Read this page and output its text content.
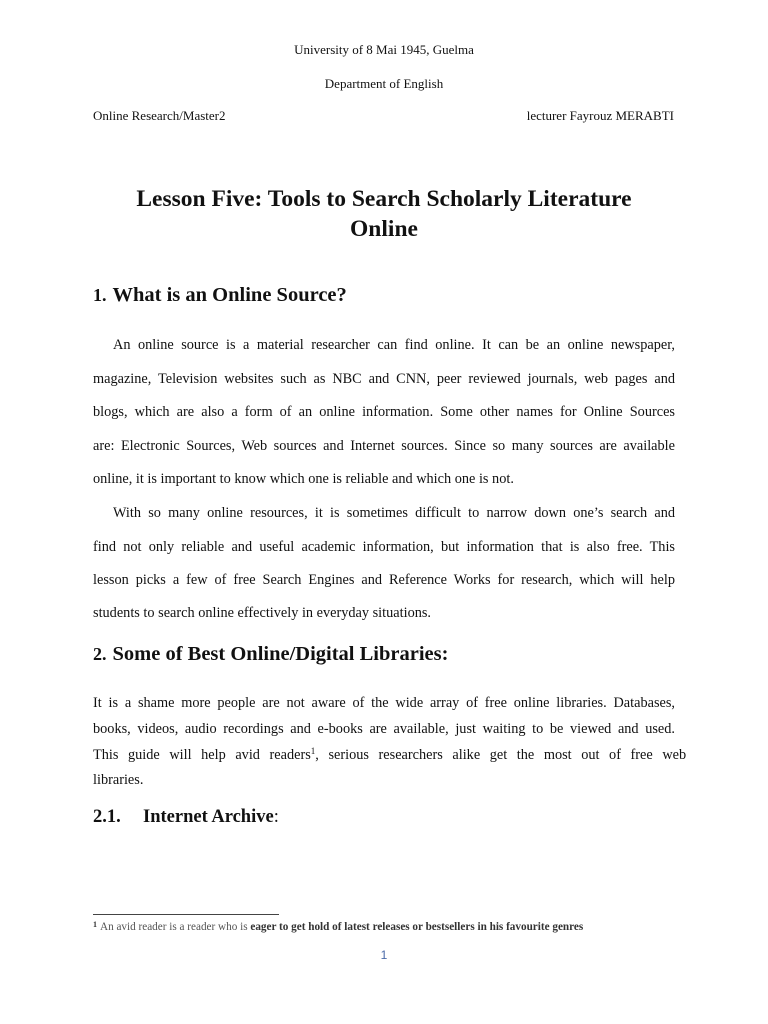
University of 8 Mai 1945, Guelma
Department of English
Online Research/Master2	lecturer Fayrouz MERABTI
Lesson Five: Tools to Search Scholarly Literature Online
1. What is an Online Source?
An online source is a material researcher can find online. It can be an online newspaper,
magazine, Television websites such as NBC and CNN, peer reviewed journals, web pages and
blogs, which are also a form of an online information. Some other names for Online Sources
are: Electronic Sources, Web sources and Internet sources. Since so many sources are available
online, it is important to know which one is reliable and which one is not.
With so many online resources, it is sometimes difficult to narrow down one’s search and
find not only reliable and useful academic information, but information that is also free. This
lesson picks a few of free Search Engines and Reference Works for research, which will help
students to search online effectively in everyday situations.
2. Some of Best Online/Digital Libraries:
It is a shame more people are not aware of the wide array of free online libraries. Databases,
books, videos, audio recordings and e-books are available, just waiting to be viewed and used.
This guide will help avid readers$^1$, serious researchers alike get the most out of free web
libraries.
2.1. Internet Archive:
$^1$ An avid reader is a reader who is eager to get hold of latest releases or bestsellers in his favourite genres
1
